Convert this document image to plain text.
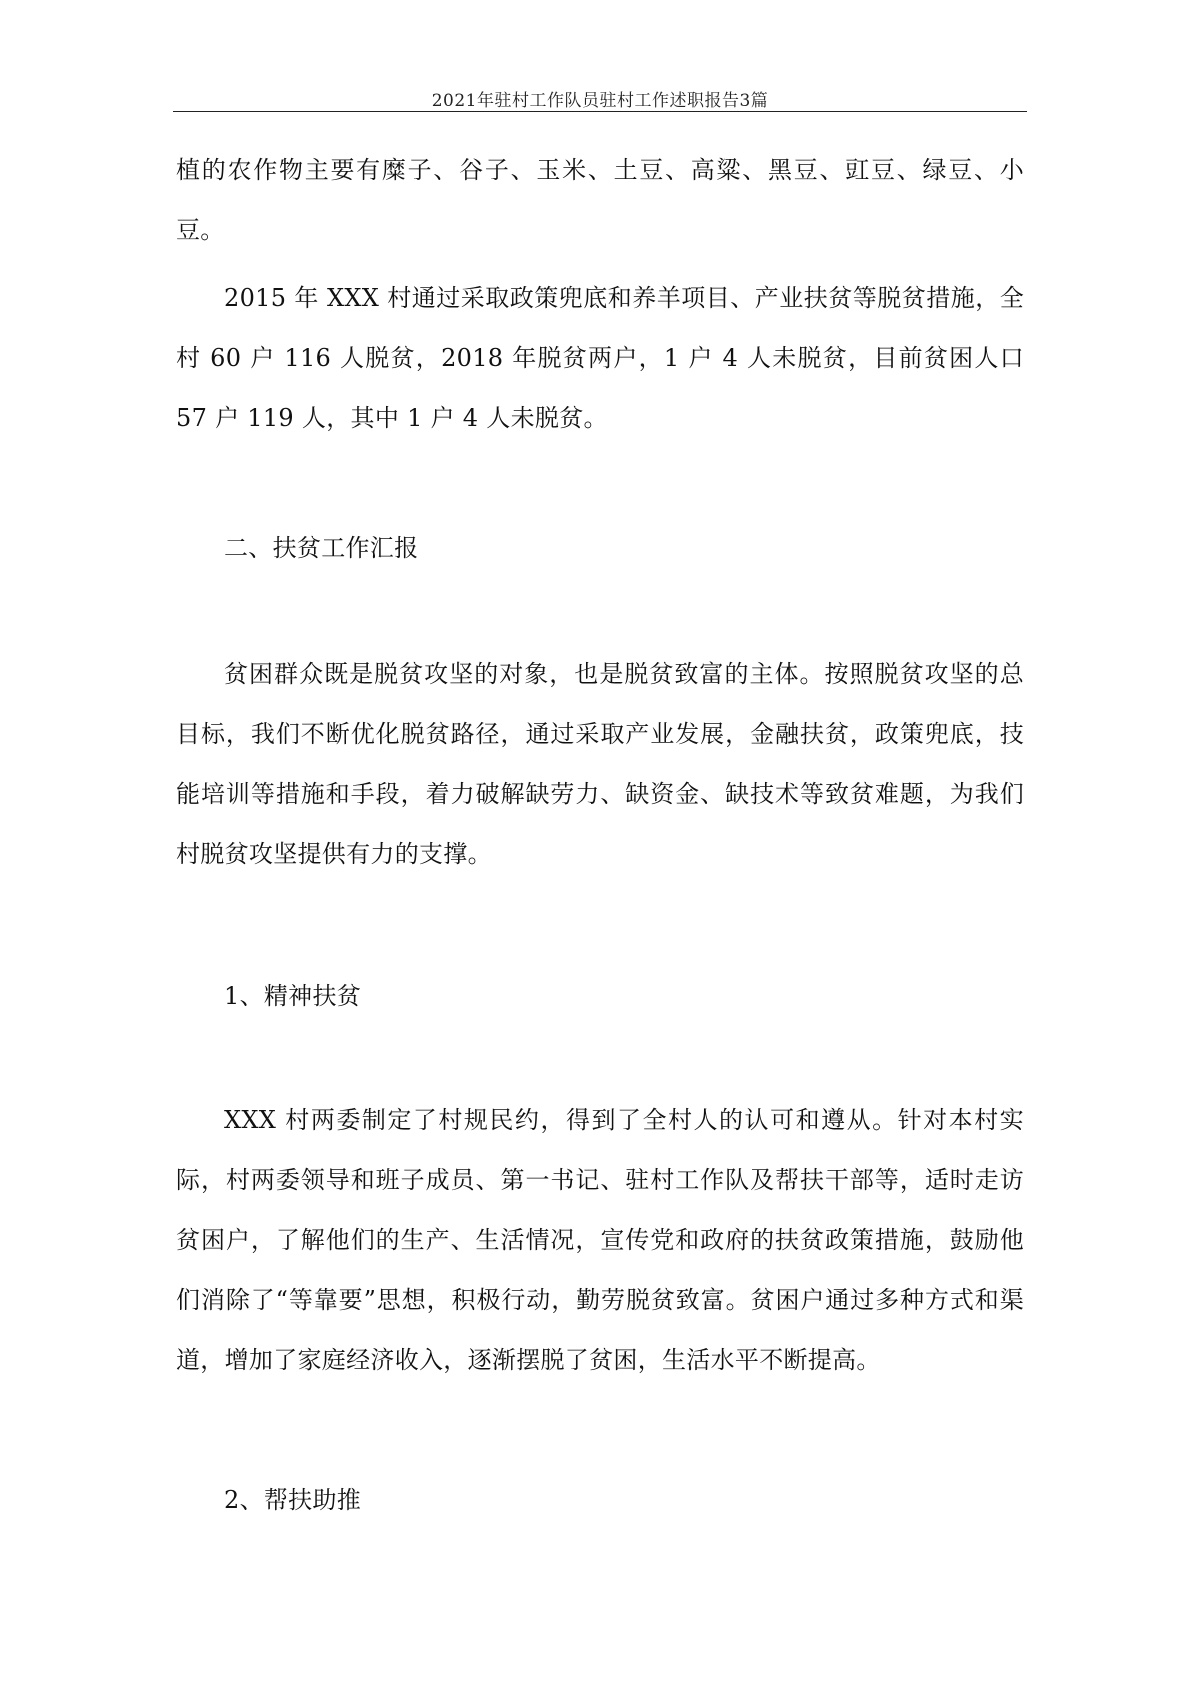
2021年驻村工作队员驻村工作述职报告3篇

植的农作物主要有糜子、谷子、玉米、土豆、高粱、黑豆、豇豆、绿豆、小豆。

2015 年 XXX 村通过采取政策兜底和养羊项目、产业扶贫等脱贫措施，全村 60 户 116 人脱贫，2018 年脱贫两户，1 户 4 人未脱贫，目前贫困人口 57 户 119 人，其中 1 户 4 人未脱贫。

二、扶贫工作汇报

贫困群众既是脱贫攻坚的对象，也是脱贫致富的主体。按照脱贫攻坚的总目标，我们不断优化脱贫路径，通过采取产业发展，金融扶贫，政策兜底，技能培训等措施和手段，着力破解缺劳力、缺资金、缺技术等致贫难题，为我们村脱贫攻坚提供有力的支撑。

1、精神扶贫

XXX 村两委制定了村规民约，得到了全村人的认可和遵从。针对本村实际，村两委领导和班子成员、第一书记、驻村工作队及帮扶干部等，适时走访贫困户，了解他们的生产、生活情况，宣传党和政府的扶贫政策措施，鼓励他们消除了“等靠要”思想，积极行动，勤劳脱贫致富。贫困户通过多种方式和渠道，增加了家庭经济收入，逐渐摆脱了贫困，生活水平不断提高。

2、帮扶助推
